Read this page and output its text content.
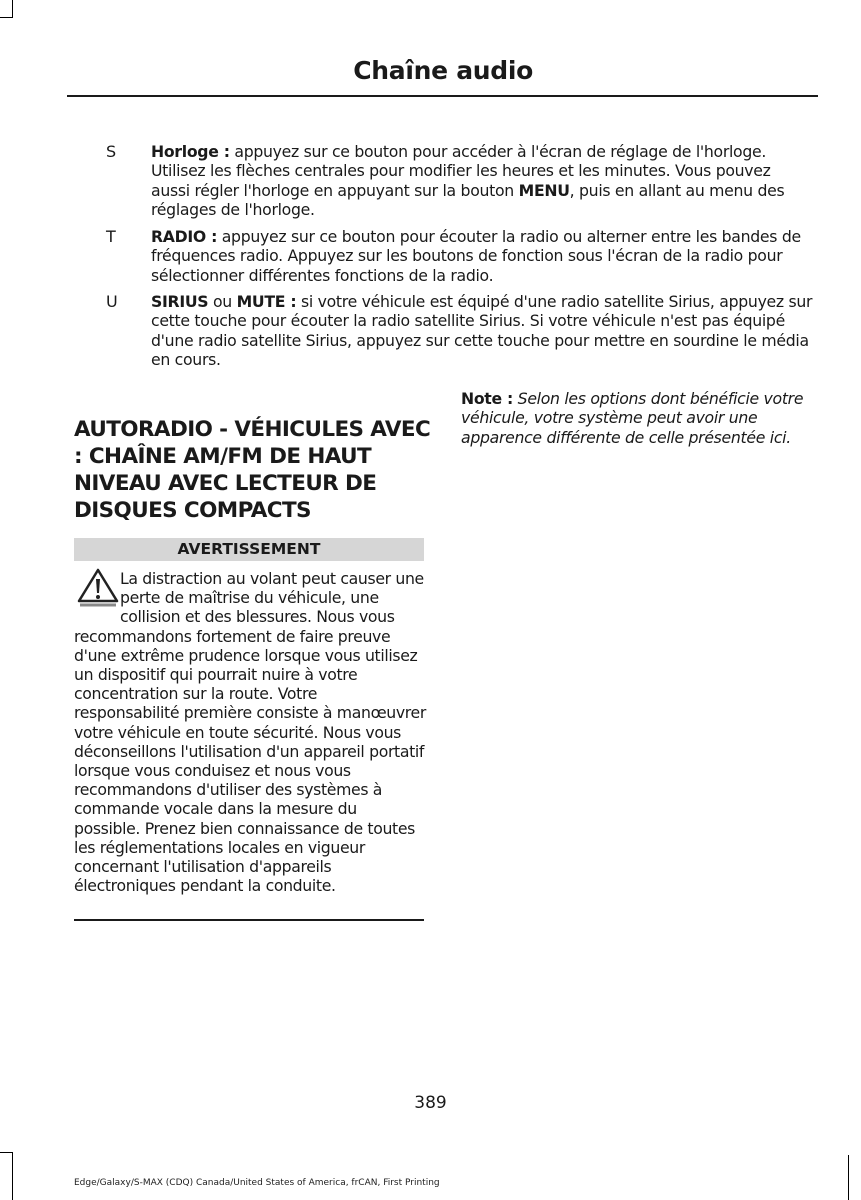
Chaîne audio
S Horloge : appuyez sur ce bouton pour accéder à l'écran de réglage de l'horloge. Utilisez les flèches centrales pour modifier les heures et les minutes. Vous pouvez aussi régler l'horloge en appuyant sur la bouton MENU, puis en allant au menu des réglages de l'horloge.
T RADIO : appuyez sur ce bouton pour écouter la radio ou alterner entre les bandes de fréquences radio. Appuyez sur les boutons de fonction sous l'écran de la radio pour sélectionner différentes fonctions de la radio.
U SIRIUS ou MUTE : si votre véhicule est équipé d'une radio satellite Sirius, appuyez sur cette touche pour écouter la radio satellite Sirius. Si votre véhicule n'est pas équipé d'une radio satellite Sirius, appuyez sur cette touche pour mettre en sourdine le média en cours.
AUTORADIO - VÉHICULES AVEC : CHAÎNE AM/FM DE HAUT NIVEAU AVEC LECTEUR DE DISQUES COMPACTS
AVERTISSEMENT
La distraction au volant peut causer une perte de maîtrise du véhicule, une collision et des blessures. Nous vous recommandons fortement de faire preuve d'une extrême prudence lorsque vous utilisez un dispositif qui pourrait nuire à votre concentration sur la route. Votre responsabilité première consiste à manœuvrer votre véhicule en toute sécurité. Nous vous déconseillons l'utilisation d'un appareil portatif lorsque vous conduisez et nous vous recommandons d'utiliser des systèmes à commande vocale dans la mesure du possible. Prenez bien connaissance de toutes les réglementations locales en vigueur concernant l'utilisation d'appareils électroniques pendant la conduite.
Note : Selon les options dont bénéficie votre véhicule, votre système peut avoir une apparence différente de celle présentée ici.
389
Edge/Galaxy/S-MAX (CDQ) Canada/United States of America, frCAN, First Printing
